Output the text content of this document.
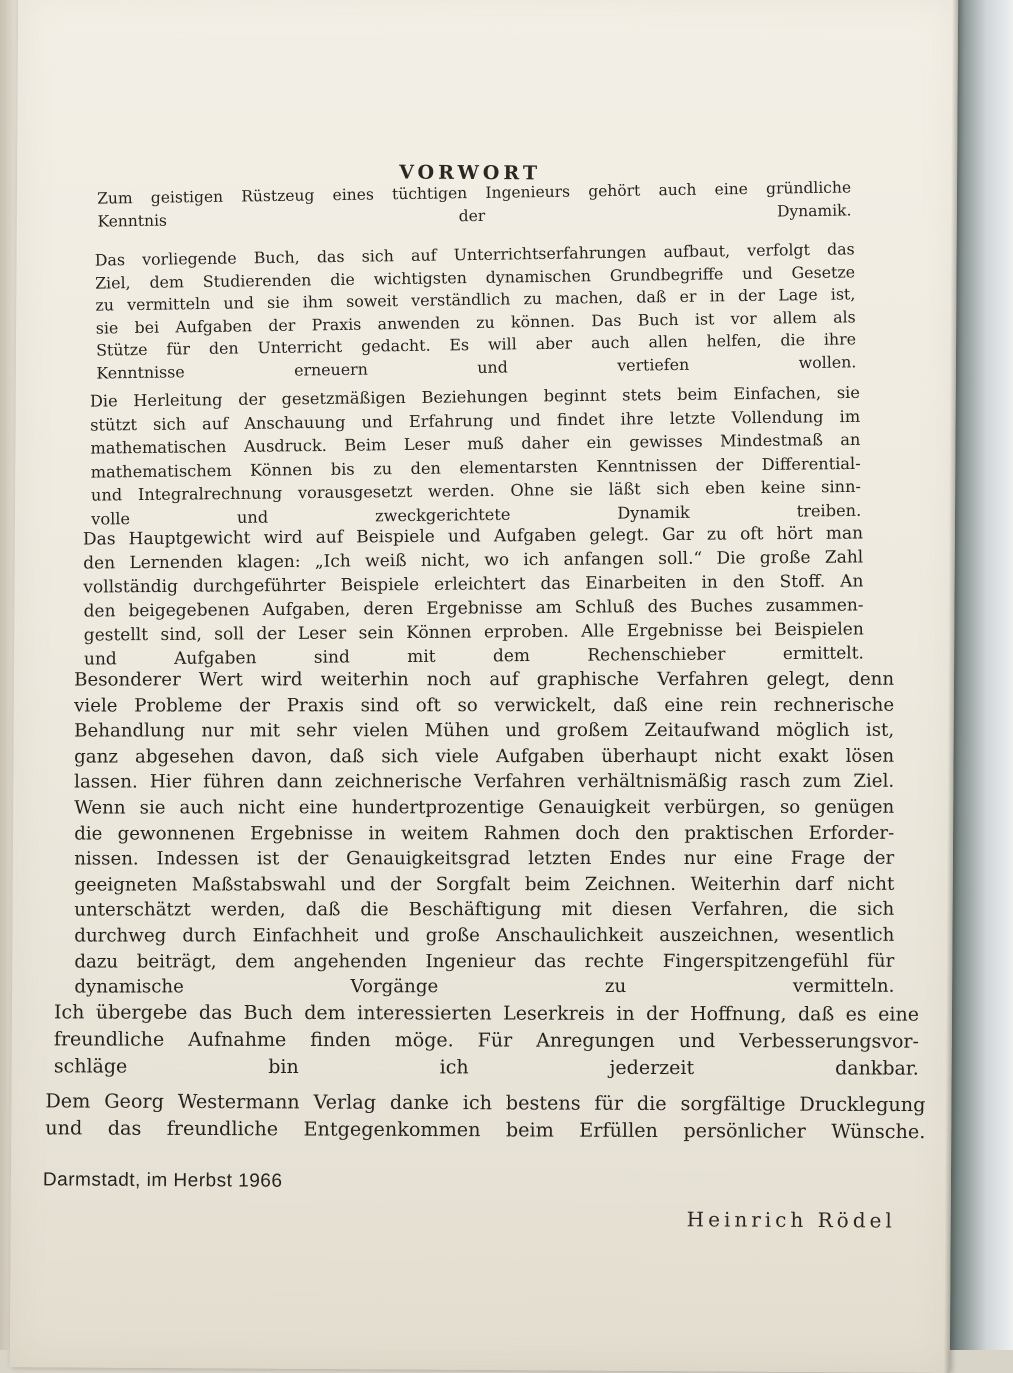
VORWORT
Zum geistigen Rüstzeug eines tüchtigen Ingenieurs gehört auch eine gründliche
Kenntnis der Dynamik.
Das vorliegende Buch, das sich auf Unterrichtserfahrungen aufbaut, verfolgt das
Ziel, dem Studierenden die wichtigsten dynamischen Grundbegriffe und Gesetze
zu vermitteln und sie ihm soweit verständlich zu machen, daß er in der Lage ist,
sie bei Aufgaben der Praxis anwenden zu können. Das Buch ist vor allem als
Stütze für den Unterricht gedacht. Es will aber auch allen helfen, die ihre
Kenntnisse erneuern und vertiefen wollen.
Die Herleitung der gesetzmäßigen Beziehungen beginnt stets beim Einfachen, sie
stützt sich auf Anschauung und Erfahrung und findet ihre letzte Vollendung im
mathematischen Ausdruck. Beim Leser muß daher ein gewisses Mindestmaß an
mathematischem Können bis zu den elementarsten Kenntnissen der Differential-
und Integralrechnung vorausgesetzt werden. Ohne sie läßt sich eben keine sinn-
volle und zweckgerichtete Dynamik treiben.
Das Hauptgewicht wird auf Beispiele und Aufgaben gelegt. Gar zu oft hört man
den Lernenden klagen: „Ich weiß nicht, wo ich anfangen soll.“ Die große Zahl
vollständig durchgeführter Beispiele erleichtert das Einarbeiten in den Stoff. An
den beigegebenen Aufgaben, deren Ergebnisse am Schluß des Buches zusammen-
gestellt sind, soll der Leser sein Können erproben. Alle Ergebnisse bei Beispielen
und Aufgaben sind mit dem Rechenschieber ermittelt.
Besonderer Wert wird weiterhin noch auf graphische Verfahren gelegt, denn
viele Probleme der Praxis sind oft so verwickelt, daß eine rein rechnerische
Behandlung nur mit sehr vielen Mühen und großem Zeitaufwand möglich ist,
ganz abgesehen davon, daß sich viele Aufgaben überhaupt nicht exakt lösen
lassen. Hier führen dann zeichnerische Verfahren verhältnismäßig rasch zum Ziel.
Wenn sie auch nicht eine hundertprozentige Genauigkeit verbürgen, so genügen
die gewonnenen Ergebnisse in weitem Rahmen doch den praktischen Erforder-
nissen. Indessen ist der Genauigkeitsgrad letzten Endes nur eine Frage der
geeigneten Maßstabswahl und der Sorgfalt beim Zeichnen. Weiterhin darf nicht
unterschätzt werden, daß die Beschäftigung mit diesen Verfahren, die sich
durchweg durch Einfachheit und große Anschaulichkeit auszeichnen, wesentlich
dazu beiträgt, dem angehenden Ingenieur das rechte Fingerspitzengefühl für
dynamische Vorgänge zu vermitteln.
Ich übergebe das Buch dem interessierten Leserkreis in der Hoffnung, daß es eine
freundliche Aufnahme finden möge. Für Anregungen und Verbesserungsvor-
schläge bin ich jederzeit dankbar.
Dem Georg Westermann Verlag danke ich bestens für die sorgfältige Drucklegung
und das freundliche Entgegenkommen beim Erfüllen persönlicher Wünsche.
Darmstadt, im Herbst 1966
Heinrich Rödel
